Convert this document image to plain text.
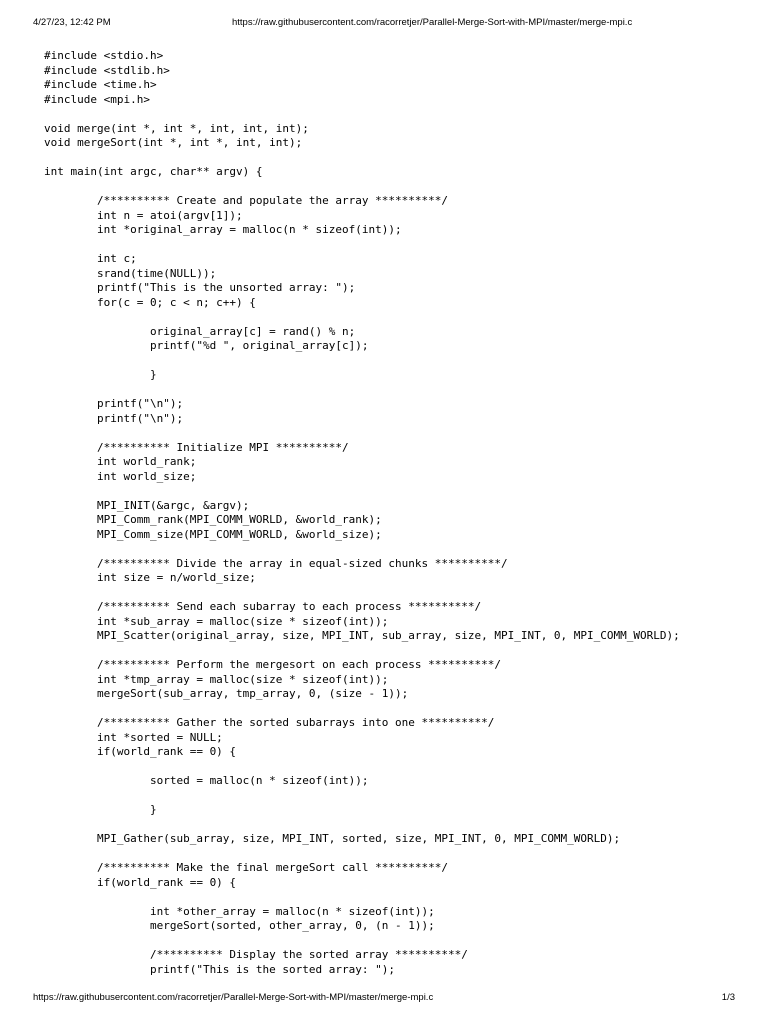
4/27/23, 12:42 PM	https://raw.githubusercontent.com/racorretjer/Parallel-Merge-Sort-with-MPI/master/merge-mpi.c
#include <stdio.h>
#include <stdlib.h>
#include <time.h>
#include <mpi.h>

void merge(int *, int *, int, int, int);
void mergeSort(int *, int *, int, int);

int main(int argc, char** argv) {

/********** Create and populate the array **********/
int n = atoi(argv[1]);
int *original_array = malloc(n * sizeof(int));

int c;
srand(time(NULL));
printf("This is the unsorted array: ");
for(c = 0; c < n; c++) {

original_array[c] = rand() % n;
printf("%d ", original_array[c]);

}

printf("\n");
printf("\n");

/********** Initialize MPI **********/
int world_rank;
int world_size;

MPI_INIT(&argc, &argv);
MPI_Comm_rank(MPI_COMM_WORLD, &world_rank);
MPI_Comm_size(MPI_COMM_WORLD, &world_size);

/********** Divide the array in equal-sized chunks **********/
int size = n/world_size;

/********** Send each subarray to each process **********/
int *sub_array = malloc(size * sizeof(int));
MPI_Scatter(original_array, size, MPI_INT, sub_array, size, MPI_INT, 0, MPI_COMM_WORLD);

/********** Perform the mergesort on each process **********/
int *tmp_array = malloc(size * sizeof(int));
mergeSort(sub_array, tmp_array, 0, (size - 1));

/********** Gather the sorted subarrays into one **********/
int *sorted = NULL;
if(world_rank == 0) {

sorted = malloc(n * sizeof(int));

}

MPI_Gather(sub_array, size, MPI_INT, sorted, size, MPI_INT, 0, MPI_COMM_WORLD);

/********** Make the final mergeSort call **********/
if(world_rank == 0) {

int *other_array = malloc(n * sizeof(int));
mergeSort(sorted, other_array, 0, (n - 1));

/********** Display the sorted array **********/
printf("This is the sorted array: ");
https://raw.githubusercontent.com/racorretjer/Parallel-Merge-Sort-with-MPI/master/merge-mpi.c	1/3
